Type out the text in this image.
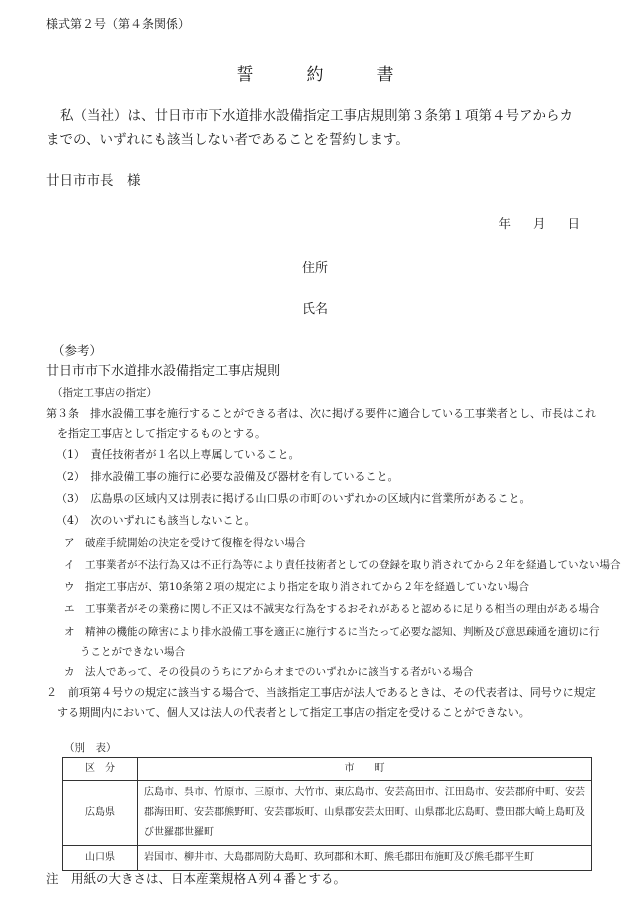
様式第２号（第４条関係）

誓　約　書

私（当社）は、廿日市市下水道排水設備指定工事店規則第３条第１項第４号アからカまでの、いずれにも該当しない者であることを誓約します。

廿日市市長　様

年 月 日

住所

氏名

（参考）

廿日市市下水道排水設備指定工事店規則

（指定工事店の指定）

第３条　排水設備工事を施行することができる者は、次に掲げる要件に適合している工事業者とし、市長はこれを指定工事店として指定するものとする。

（1）　責任技術者が１名以上専属していること。

（2）　排水設備工事の施行に必要な設備及び器材を有していること。

（3）　広島県の区域内又は別表に掲げる山口県の市町のいずれかの区域内に営業所があること。

（4）　次のいずれにも該当しないこと。

ア　破産手続開始の決定を受けて復権を得ない場合

イ　工事業者が不法行為又は不正行為等により責任技術者としての登録を取り消されてから２年を経過していない場合

ウ　指定工事店が、第10条第２項の規定により指定を取り消されてから２年を経過していない場合

エ　工事業者がその業務に関し不正又は不誠実な行為をするおそれがあると認めるに足りる相当の理由がある場合

オ　精神の機能の障害により排水設備工事を適正に施行するに当たって必要な認知、判断及び意思疎通を適切に行うことができない場合

カ　法人であって、その役員のうちにアからオまでのいずれかに該当する者がいる場合

２　前項第４号ウの規定に該当する場合で、当該指定工事店が法人であるときは、その代表者は、同号ウに規定する期間内において、個人又は法人の代表者として指定工事店の指定を受けることができない。

（別　表）

区　分	市　　町
広島県	広島市、呉市、竹原市、三原市、大竹市、東広島市、安芸高田市、江田島市、安芸郡府中町、安芸郡海田町、安芸郡熊野町、安芸郡坂町、山県郡安芸太田町、山県郡北広島町、豊田郡大崎上島町及び世羅郡世羅町
山口県	岩国市、柳井市、大島郡周防大島町、玖珂郡和木町、熊毛郡田布施町及び熊毛郡平生町

注　用紙の大きさは、日本産業規格Ａ列４番とする。
